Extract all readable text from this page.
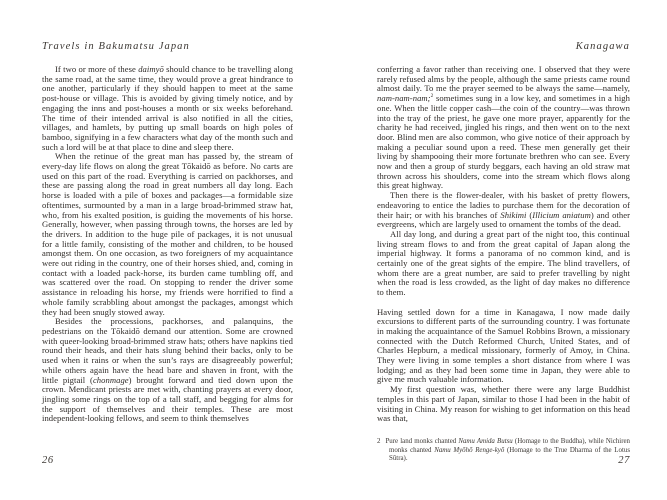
Travels in Bakumatsu Japan

If two or more of these daimyō should chance to be travelling along the same road, at the same time, they would prove a great hindrance to one another, particularly if they should happen to meet at the same post-house or village. This is avoided by giving timely notice, and by engaging the inns and post-houses a month or six weeks beforehand. The time of their intended arrival is also notified in all the cities, villages, and hamlets, by putting up small boards on high poles of bamboo, signifying in a few characters what day of the month such and such a lord will be at that place to dine and sleep there.

When the retinue of the great man has passed by, the stream of every-day life flows on along the great Tōkaidō as before. No carts are used on this part of the road. Everything is carried on packhorses, and these are passing along the road in great numbers all day long. Each horse is loaded with a pile of boxes and packages—a formidable size oftentimes, surmounted by a man in a large broad-brimmed straw hat, who, from his exalted position, is guiding the movements of his horse. Generally, however, when passing through towns, the horses are led by the drivers. In addition to the huge pile of packages, it is not unusual for a little family, consisting of the mother and children, to be housed amongst them. On one occasion, as two foreigners of my acquaintance were out riding in the country, one of their horses shied, and, coming in contact with a loaded pack-horse, its burden came tumbling off, and was scattered over the road. On stopping to render the driver some assistance in reloading his horse, my friends were horrified to find a whole family scrabbling about amongst the packages, amongst which they had been snugly stowed away.

Besides the processions, packhorses, and palanquins, the pedestrians on the Tōkaidō demand our attention. Some are crowned with queer-looking broad-brimmed straw hats; others have napkins tied round their heads, and their hats slung behind their backs, only to be used when it rains or when the sun’s rays are disagreeably powerful; while others again have the head bare and shaven in front, with the little pigtail (chonmage) brought forward and tied down upon the crown. Mendicant priests are met with, chanting prayers at every door, jingling some rings on the top of a tall staff, and begging for alms for the support of themselves and their temples. These are most independent-looking fellows, and seem to think themselves

26
Kanagawa

conferring a favor rather than receiving one. I observed that they were rarely refused alms by the people, although the same priests came round almost daily. To me the prayer seemed to be always the same—namely, nam-nam-nam;$^2$ sometimes sung in a low key, and sometimes in a high one. When the little copper cash—the coin of the country—was thrown into the tray of the priest, he gave one more prayer, apparently for the charity he had received, jingled his rings, and then went on to the next door. Blind men are also common, who give notice of their approach by making a peculiar sound upon a reed. These men generally get their living by shampooing their more fortunate brethren who can see. Every now and then a group of sturdy beggars, each having an old straw mat thrown across his shoulders, come into the stream which flows along this great highway.

Then there is the flower-dealer, with his basket of pretty flowers, endeavoring to entice the ladies to purchase them for the decoration of their hair; or with his branches of Shikimi (Illicium aniatum) and other evergreens, which are largely used to ornament the tombs of the dead.

All day long, and during a great part of the night too, this continual living stream flows to and from the great capital of Japan along the imperial highway. It forms a panorama of no common kind, and is certainly one of the great sights of the empire. The blind travellers, of whom there are a great number, are said to prefer travelling by night when the road is less crowded, as the light of day makes no difference to them.

Having settled down for a time in Kanagawa, I now made daily excursions to different parts of the surrounding country. I was fortunate in making the acquaintance of the Samuel Robbins Brown, a missionary connected with the Dutch Reformed Church, United States, and of Charles Hepburn, a medical missionary, formerly of Amoy, in China. They were living in some temples a short distance from where I was lodging; and as they had been some time in Japan, they were able to give me much valuable information.

My first question was, whether there were any large Buddhist temples in this part of Japan, similar to those I had been in the habit of visiting in China. My reason for wishing to get information on this head was that,

2 Pure land monks chanted Namu Amida Butsu (Homage to the Buddha), while Nichiren monks chanted Namu Myōhō Renge-kyō (Homage to the True Dharma of the Lotus Sūtra).	27
